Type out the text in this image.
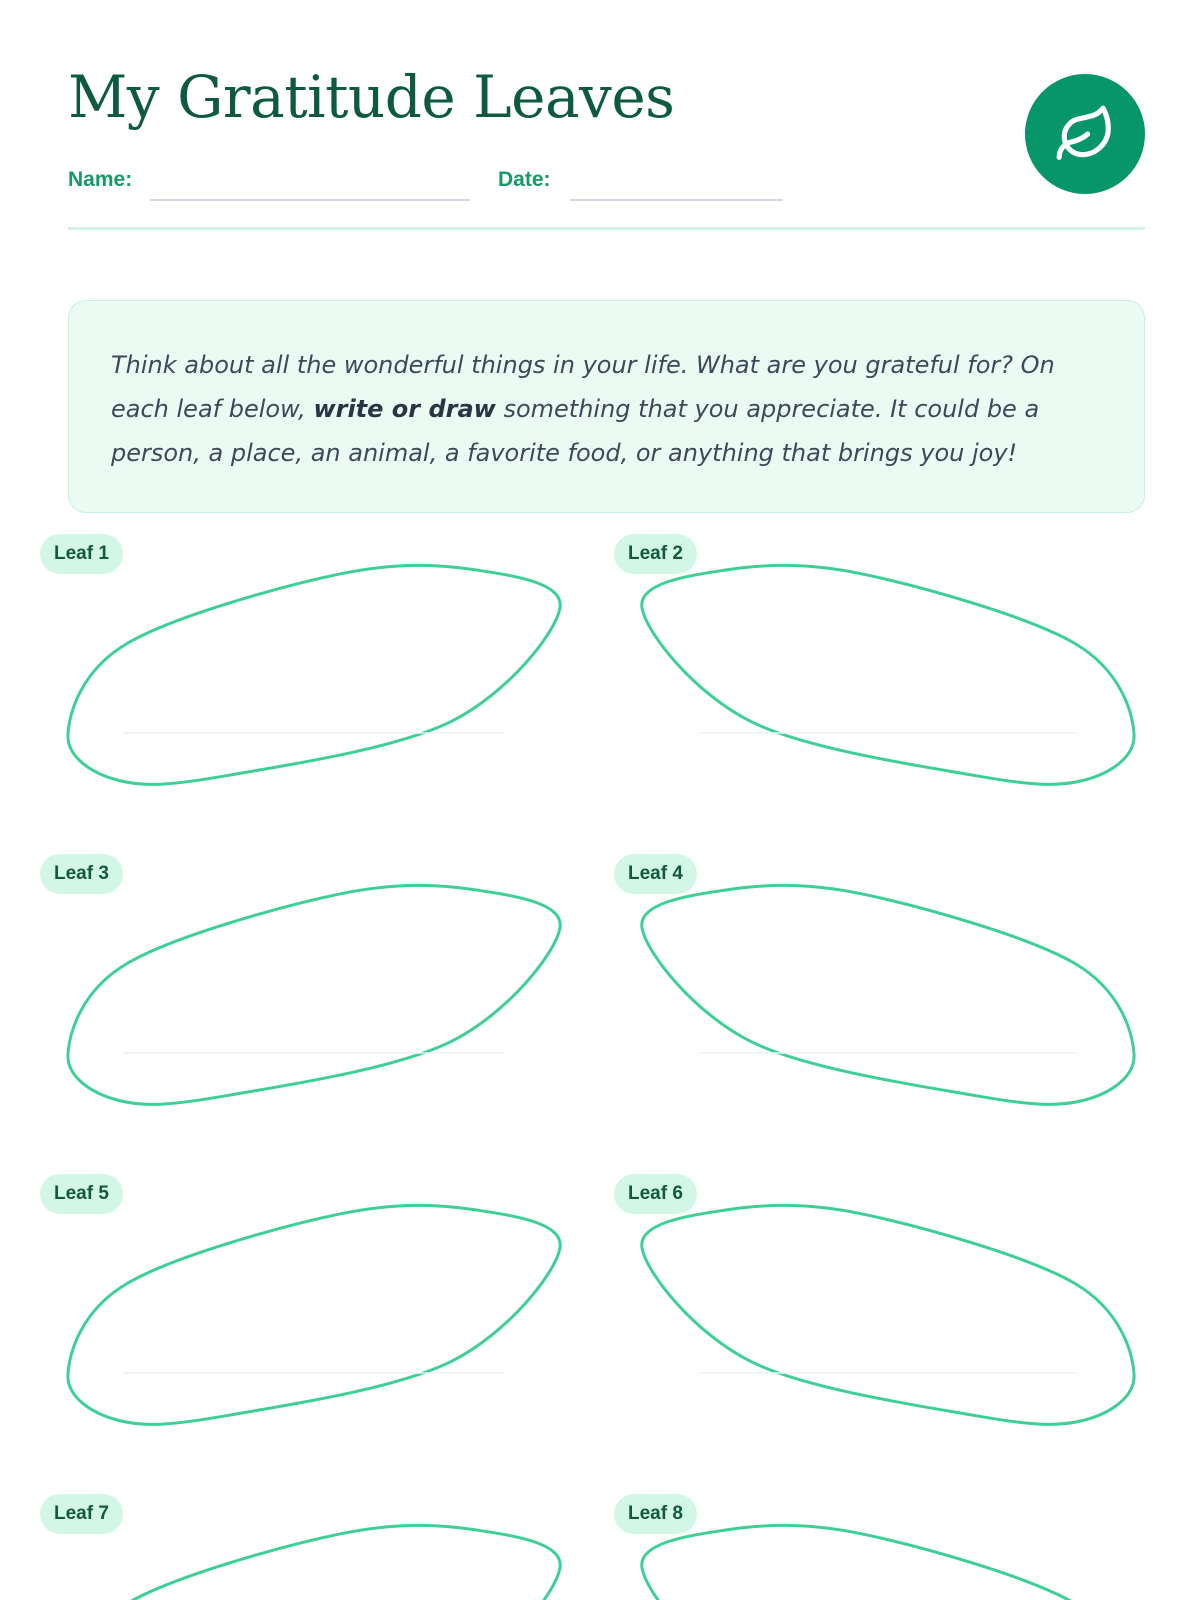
My Gratitude Leaves
Name:	Date:

Think about all the wonderful things in your life. What are you grateful for? On each leaf below, write or draw something that you appreciate. It could be a person, a place, an animal, a favorite food, or anything that brings you joy!

Leaf 1	Leaf 2
Leaf 3	Leaf 4
Leaf 5	Leaf 6
Leaf 7	Leaf 8
